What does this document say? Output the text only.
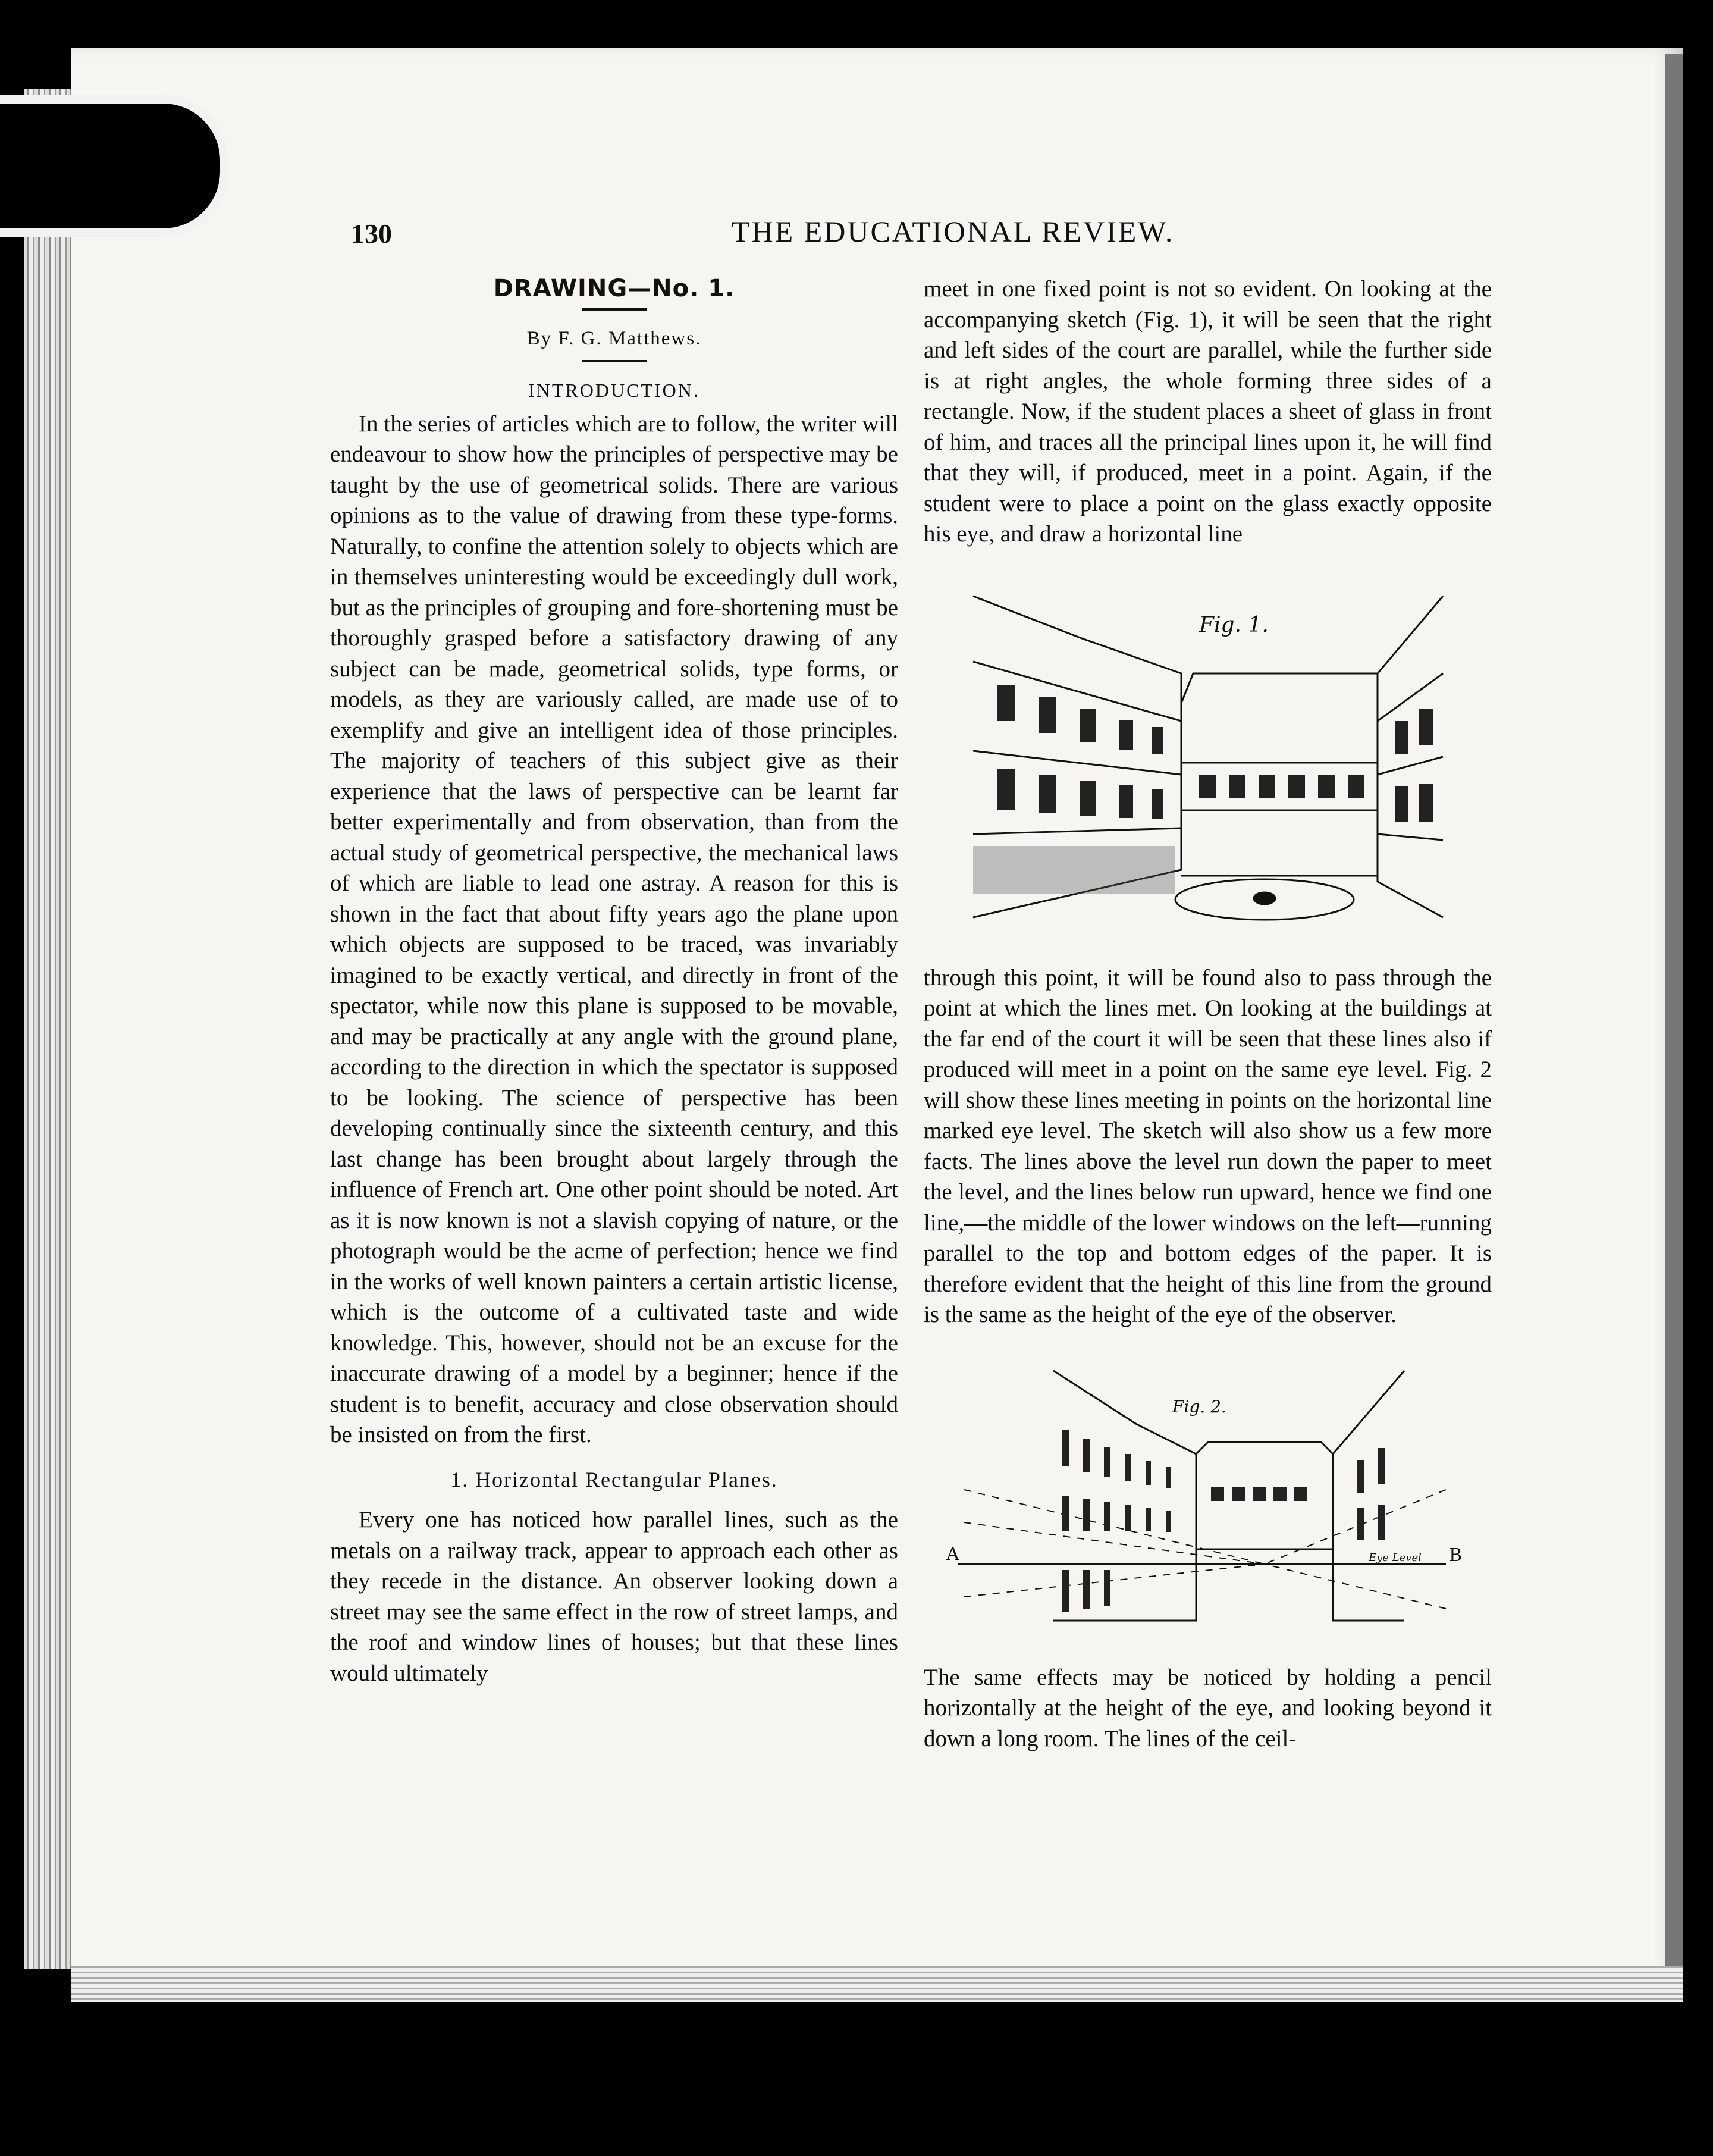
130	THE EDUCATIONAL REVIEW.
DRAWING—No. 1.
By F. G. Matthews.
INTRODUCTION.

In the series of articles which are to follow, the writer will endeavour to show how the principles of perspective may be taught by the use of geometrical solids. There are various opinions as to the value of drawing from these type-forms. Naturally, to confine the attention solely to objects which are in themselves uninteresting would be exceedingly dull work, but as the principles of grouping and fore-shortening must be thoroughly grasped before a satisfactory drawing of any subject can be made, geometrical solids, type forms, or models, as they are variously called, are made use of to exemplify and give an intelligent idea of those principles. The majority of teachers of this subject give as their experience that the laws of perspective can be learnt far better experimentally and from observation, than from the actual study of geometrical perspective, the mechanical laws of which are liable to lead one astray. A reason for this is shown in the fact that about fifty years ago the plane upon which objects are supposed to be traced, was invariably imagined to be exactly vertical, and directly in front of the spectator, while now this plane is supposed to be movable, and may be practically at any angle with the ground plane, according to the direction in which the spectator is supposed to be looking. The science of perspective has been developing continually since the sixteenth century, and this last change has been brought about largely through the influence of French art. One other point should be noted. Art as it is now known is not a slavish copying of nature, or the photograph would be the acme of perfection; hence we find in the works of well known painters a certain artistic license, which is the outcome of a cultivated taste and wide knowledge. This, however, should not be an excuse for the inaccurate drawing of a model by a beginner; hence if the student is to benefit, accuracy and close observation should be insisted on from the first.

1. Horizontal Rectangular Planes.

Every one has noticed how parallel lines, such as the metals on a railway track, appear to approach each other as they recede in the distance. An observer looking down a street may see the same effect in the row of street lamps, and the roof and window lines of houses; but that these lines would ultimately

meet in one fixed point is not so evident. On looking at the accompanying sketch (Fig. 1), it will be seen that the right and left sides of the court are parallel, while the further side is at right angles, the whole forming three sides of a rectangle. Now, if the student places a sheet of glass in front of him, and traces all the principal lines upon it, he will find that they will, if produced, meet in a point. Again, if the student were to place a point on the glass exactly opposite his eye, and draw a horizontal line

Fig. 1.

through this point, it will be found also to pass through the point at which the lines met. On looking at the buildings at the far end of the court it will be seen that these lines also if produced will meet in a point on the same eye level. Fig. 2 will show these lines meeting in points on the horizontal line marked eye level. The sketch will also show us a few more facts. The lines above the level run down the paper to meet the level, and the lines below run upward, hence we find one line,—the middle of the lower windows on the left—running parallel to the top and bottom edges of the paper. It is therefore evident that the height of this line from the ground is the same as the height of the eye of the observer.

Fig. 2.
A	Eye Level B

The same effects may be noticed by holding a pencil horizontally at the height of the eye, and looking beyond it down a long room. The lines of the ceil-
